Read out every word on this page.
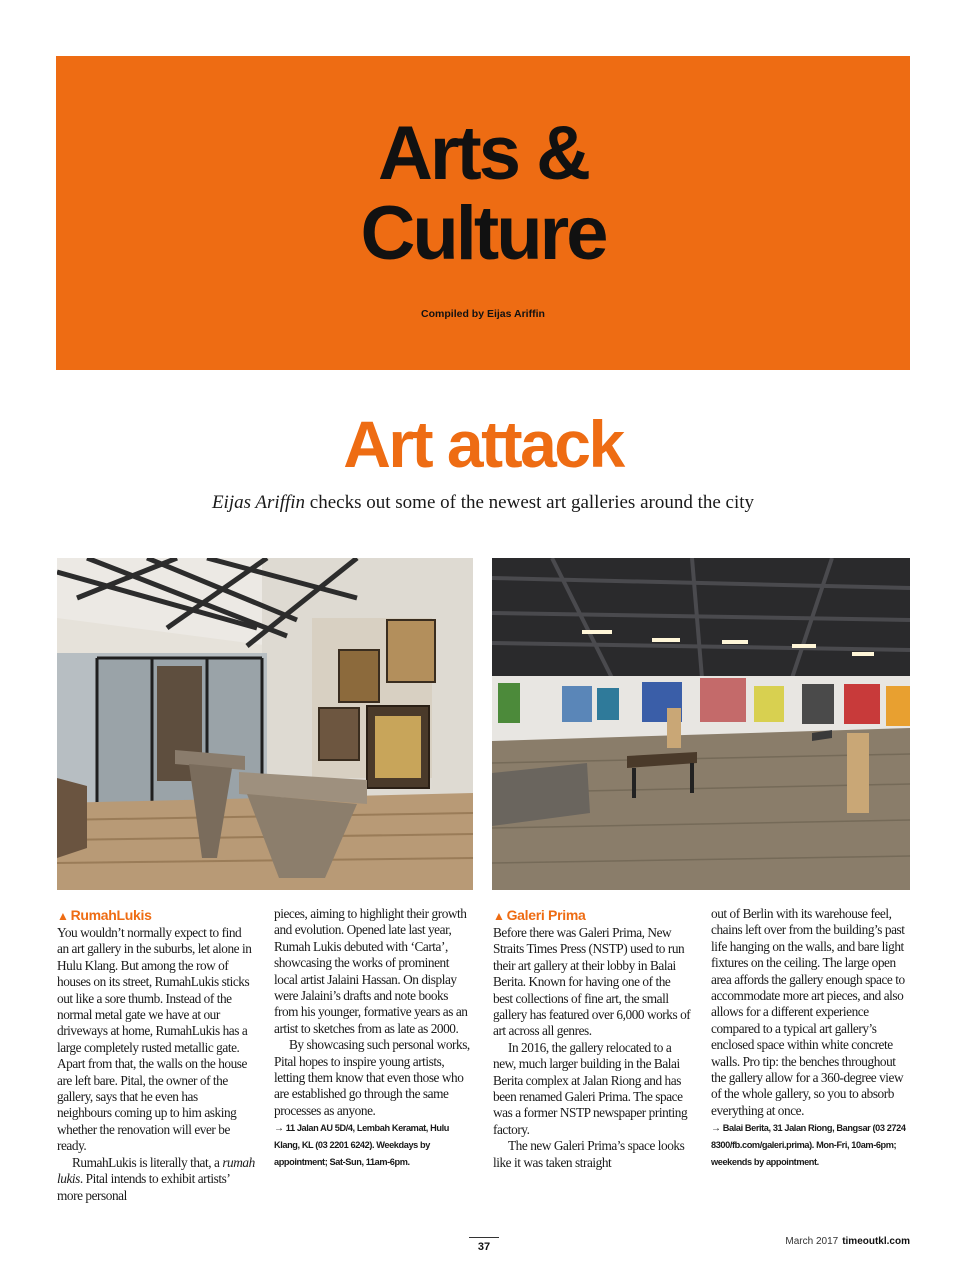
Arts &
Culture
Compiled by Eijas Ariffin
Art attack
Eijas Ariffin checks out some of the newest art galleries around the city
▲ RumahLukis

You wouldn’t normally expect to find an art gallery in the suburbs, let alone in Hulu Klang. But among the row of houses on its street, RumahLukis sticks out like a sore thumb. Instead of the normal metal gate we have at our driveways at home, RumahLukis has a large completely rusted metallic gate. Apart from that, the walls on the house are left bare. Pital, the owner of the gallery, says that he even has neighbours coming up to him asking whether the renovation will ever be ready.

RumahLukis is literally that, a rumah lukis. Pital intends to exhibit artists’ more personal

pieces, aiming to highlight their growth and evolution. Opened late last year, Rumah Lukis debuted with ‘Carta’, showcasing the works of prominent local artist Jalaini Hassan. On display were Jalaini’s drafts and note books from his younger, formative years as an artist to sketches from as late as 2000.

By showcasing such personal works, Pital hopes to inspire young artists, letting them know that even those who are established go through the same processes as anyone.

→ 11 Jalan AU 5D/4, Lembah Keramat, Hulu Klang, KL (03 2201 6242). Weekdays by appointment; Sat-Sun, 11am-6pm.
▲ Galeri Prima

Before there was Galeri Prima, New Straits Times Press (NSTP) used to run their art gallery at their lobby in Balai Berita. Known for having one of the best collections of fine art, the small gallery has featured over 6,000 works of art across all genres.

In 2016, the gallery relocated to a new, much larger building in the Balai Berita complex at Jalan Riong and has been renamed Galeri Prima. The space was a former NSTP newspaper printing factory.

The new Galeri Prima’s space looks like it was taken straight

out of Berlin with its warehouse feel, chains left over from the building’s past life hanging on the walls, and bare light fixtures on the ceiling. The large open area affords the gallery enough space to accommodate more art pieces, and also allows for a different experience compared to a typical art gallery’s enclosed space within white concrete walls. Pro tip: the benches throughout the gallery allow for a 360-degree view of the whole gallery, so you to absorb everything at once.

→ Balai Berita, 31 Jalan Riong, Bangsar (03 2724 8300/fb.com/galeri.prima). Mon-Fri, 10am-6pm; weekends by appointment.
37	March 2017 timeoutkl.com
